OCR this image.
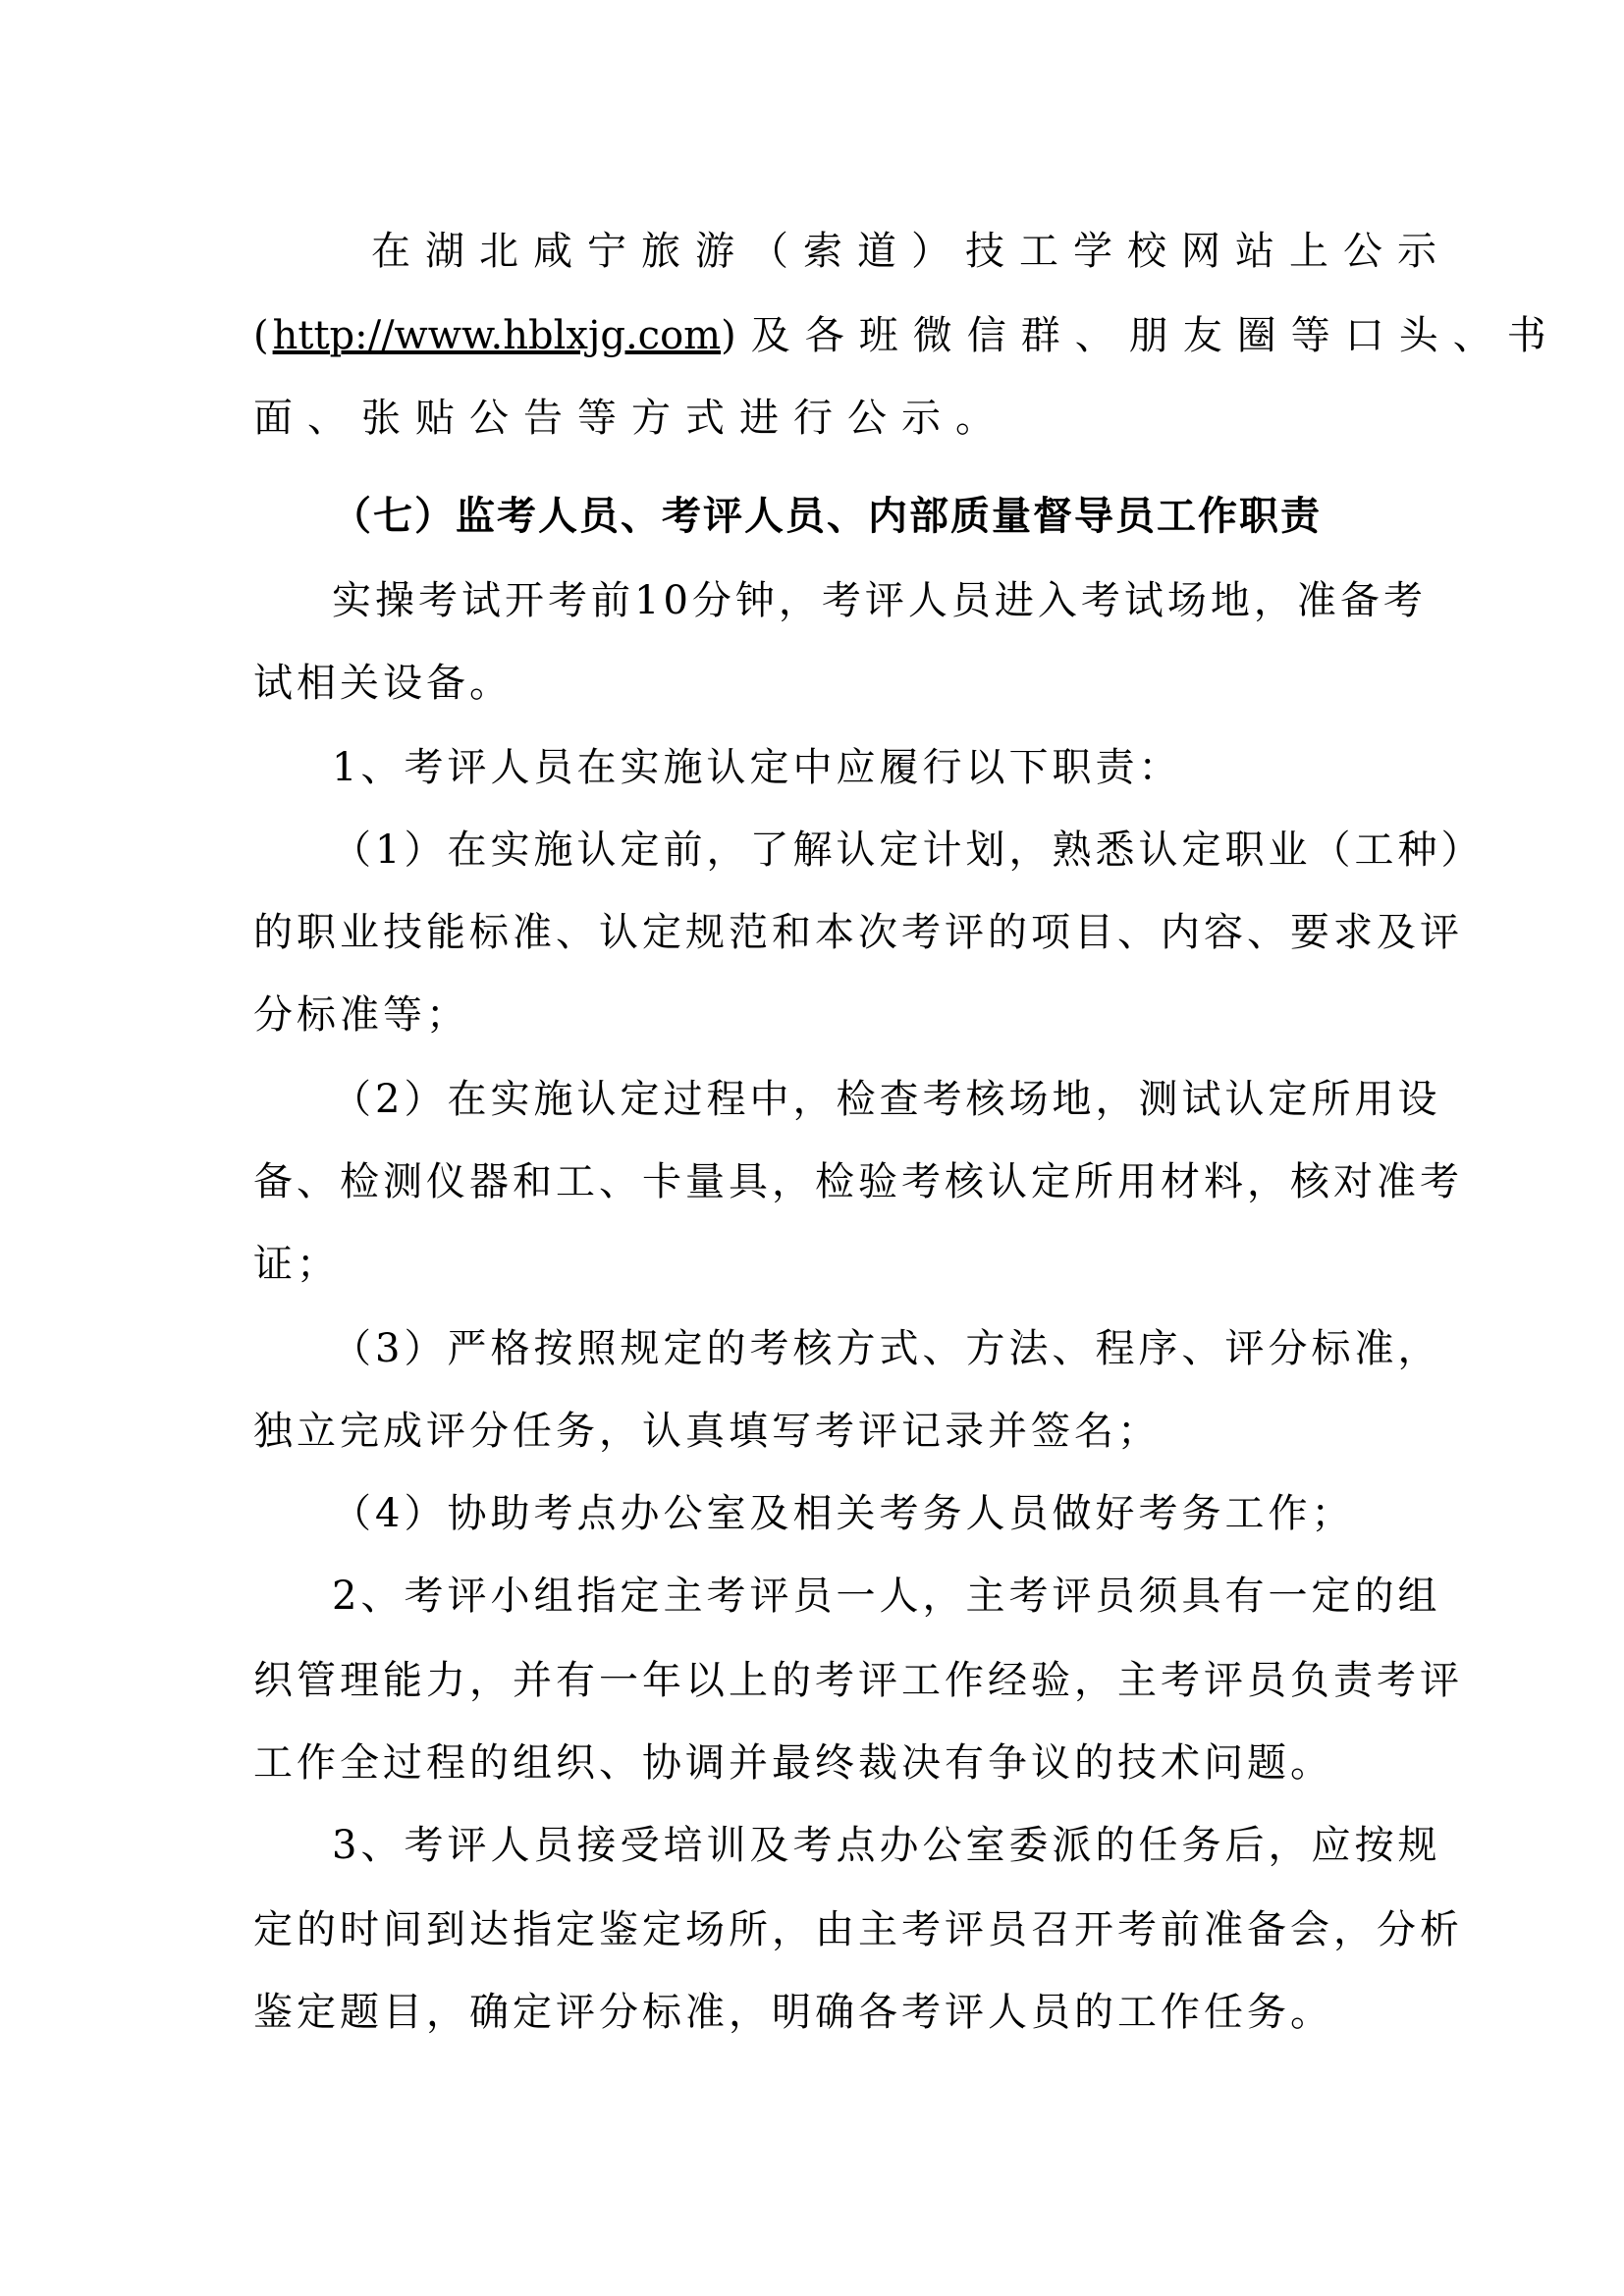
在湖北咸宁旅游（索道）技工学校网站上公示
(http://www.hblxjg.com)及各班微信群、朋友圈等口头、书
面、张贴公告等方式进行公示。
（七）监考人员、考评人员、内部质量督导员工作职责
实操考试开考前10分钟，考评人员进入考试场地，准备考
试相关设备。
1、考评人员在实施认定中应履行以下职责：
（1）在实施认定前，了解认定计划，熟悉认定职业（工种）
的职业技能标准、认定规范和本次考评的项目、内容、要求及评
分标准等；
（2）在实施认定过程中，检查考核场地，测试认定所用设
备、检测仪器和工、卡量具，检验考核认定所用材料，核对准考
证；
（3）严格按照规定的考核方式、方法、程序、评分标准，
独立完成评分任务，认真填写考评记录并签名；
（4）协助考点办公室及相关考务人员做好考务工作；
2、考评小组指定主考评员一人，主考评员须具有一定的组
织管理能力，并有一年以上的考评工作经验，主考评员负责考评
工作全过程的组织、协调并最终裁决有争议的技术问题。
3、考评人员接受培训及考点办公室委派的任务后，应按规
定的时间到达指定鉴定场所，由主考评员召开考前准备会，分析
鉴定题目，确定评分标准，明确各考评人员的工作任务。
